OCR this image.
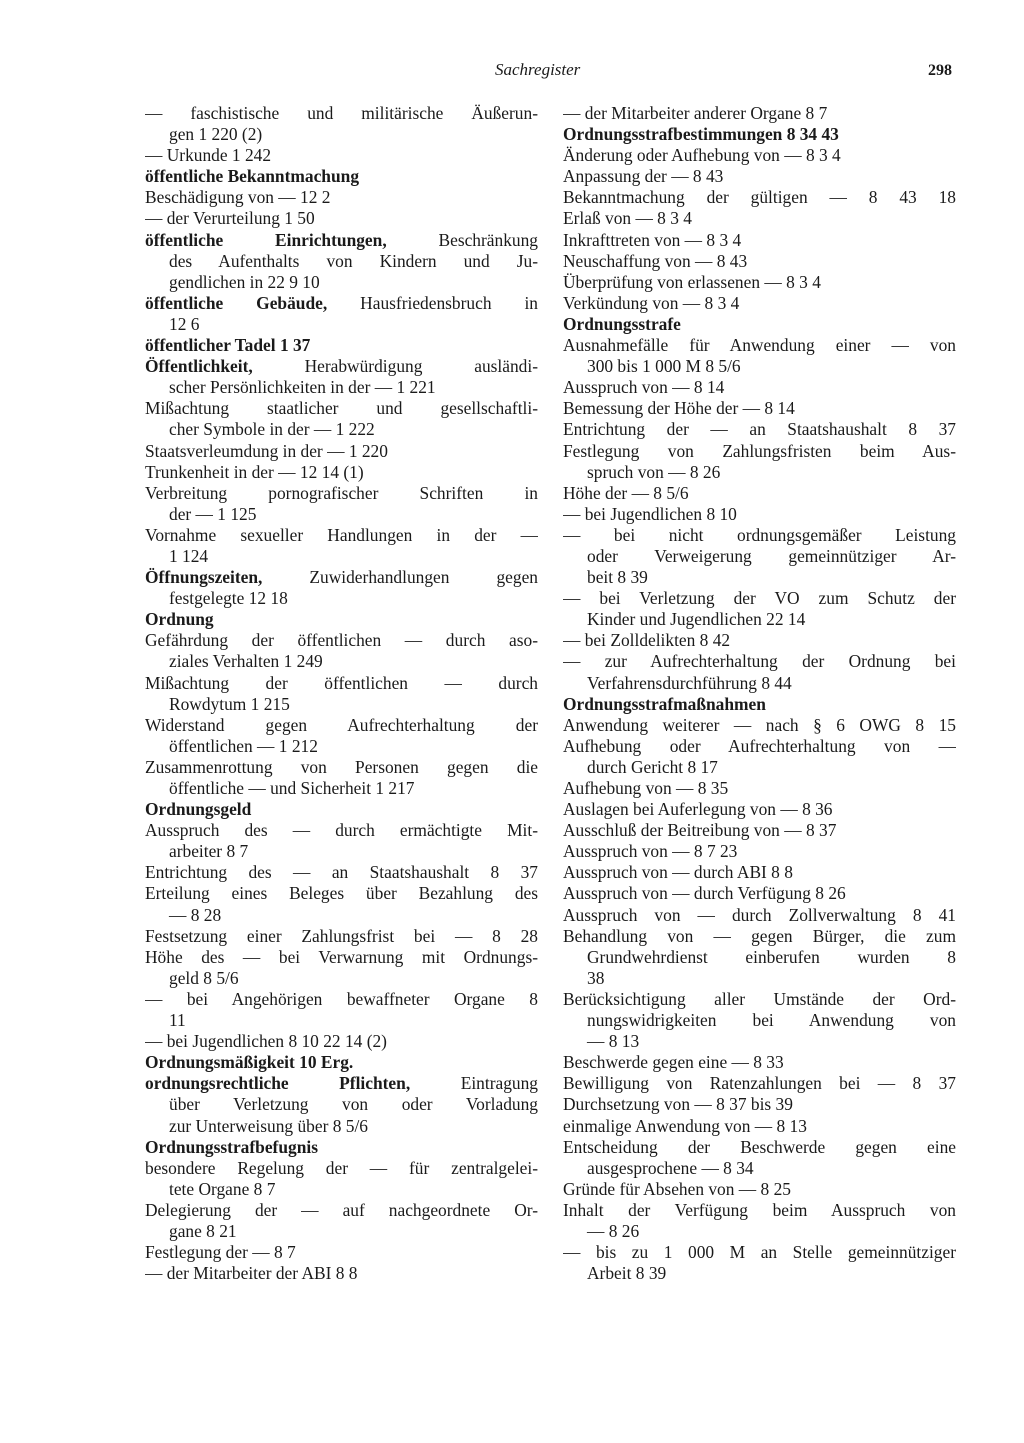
Sachregister	298
— faschistische und militärische Äußerun-
gen 1 220 (2)
— Urkunde 1 242
öffentliche Bekanntmachung
Beschädigung von — 12 2
— der Verurteilung 1 50
öffentliche Einrichtungen, Beschränkung
des Aufenthalts von Kindern und Ju-
gendlichen in 22 9 10
öffentliche Gebäude, Hausfriedensbruch in
12 6
öffentlicher Tadel 1 37
Öffentlichkeit, Herabwürdigung ausländi-
scher Persönlichkeiten in der — 1 221
Mißachtung staatlicher und gesellschaftli-
cher Symbole in der — 1 222
Staatsverleumdung in der — 1 220
Trunkenheit in der — 12 14 (1)
Verbreitung pornografischer Schriften in
der — 1 125
Vornahme sexueller Handlungen in der —
1 124
Öffnungszeiten, Zuwiderhandlungen gegen
festgelegte 12 18
Ordnung
Gefährdung der öffentlichen — durch aso-
ziales Verhalten 1 249
Mißachtung der öffentlichen — durch
Rowdytum 1 215
Widerstand gegen Aufrechterhaltung der
öffentlichen — 1 212
Zusammenrottung von Personen gegen die
öffentliche — und Sicherheit 1 217
Ordnungsgeld
Ausspruch des — durch ermächtigte Mit-
arbeiter 8 7
Entrichtung des — an Staatshaushalt 8 37
Erteilung eines Beleges über Bezahlung des
— 8 28
Festsetzung einer Zahlungsfrist bei — 8 28
Höhe des — bei Verwarnung mit Ordnungs-
geld 8 5/6
— bei Angehörigen bewaffneter Organe 8
11
— bei Jugendlichen 8 10 22 14 (2)
Ordnungsmäßigkeit 10 Erg.
ordnungsrechtliche Pflichten, Eintragung
über Verletzung von oder Vorladung
zur Unterweisung über 8 5/6
Ordnungsstrafbefugnis
besondere Regelung der — für zentralgelei-
tete Organe 8 7
Delegierung der — auf nachgeordnete Or-
gane 8 21
Festlegung der — 8 7
— der Mitarbeiter der ABI 8 8
— der Mitarbeiter anderer Organe 8 7
Ordnungsstrafbestimmungen 8 34 43
Änderung oder Aufhebung von — 8 3 4
Anpassung der — 8 43
Bekanntmachung der gültigen — 8 43 18
Erlaß von — 8 3 4
Inkrafttreten von — 8 3 4
Neuschaffung von — 8 43
Überprüfung von erlassenen — 8 3 4
Verkündung von — 8 3 4
Ordnungsstrafe
Ausnahmefälle für Anwendung einer — von
300 bis 1 000 M 8 5/6
Ausspruch von — 8 14
Bemessung der Höhe der — 8 14
Entrichtung der — an Staatshaushalt 8 37
Festlegung von Zahlungsfristen beim Aus-
spruch von — 8 26
Höhe der — 8 5/6
— bei Jugendlichen 8 10
— bei nicht ordnungsgemäßer Leistung
oder Verweigerung gemeinnütziger Ar-
beit 8 39
— bei Verletzung der VO zum Schutz der
Kinder und Jugendlichen 22 14
— bei Zolldelikten 8 42
— zur Aufrechterhaltung der Ordnung bei
Verfahrensdurchführung 8 44
Ordnungsstrafmaßnahmen
Anwendung weiterer — nach § 6 OWG 8 15
Aufhebung oder Aufrechterhaltung von —
durch Gericht 8 17
Aufhebung von — 8 35
Auslagen bei Auferlegung von — 8 36
Ausschluß der Beitreibung von — 8 37
Ausspruch von — 8 7 23
Ausspruch von — durch ABI 8 8
Ausspruch von — durch Verfügung 8 26
Ausspruch von — durch Zollverwaltung 8 41
Behandlung von — gegen Bürger, die zum
Grundwehrdienst einberufen wurden 8
38
Berücksichtigung aller Umstände der Ord-
nungswidrigkeiten bei Anwendung von
— 8 13
Beschwerde gegen eine — 8 33
Bewilligung von Ratenzahlungen bei — 8 37
Durchsetzung von — 8 37 bis 39
einmalige Anwendung von — 8 13
Entscheidung der Beschwerde gegen eine
ausgesprochene — 8 34
Gründe für Absehen von — 8 25
Inhalt der Verfügung beim Ausspruch von
— 8 26
— bis zu 1 000 M an Stelle gemeinnütziger
Arbeit 8 39
